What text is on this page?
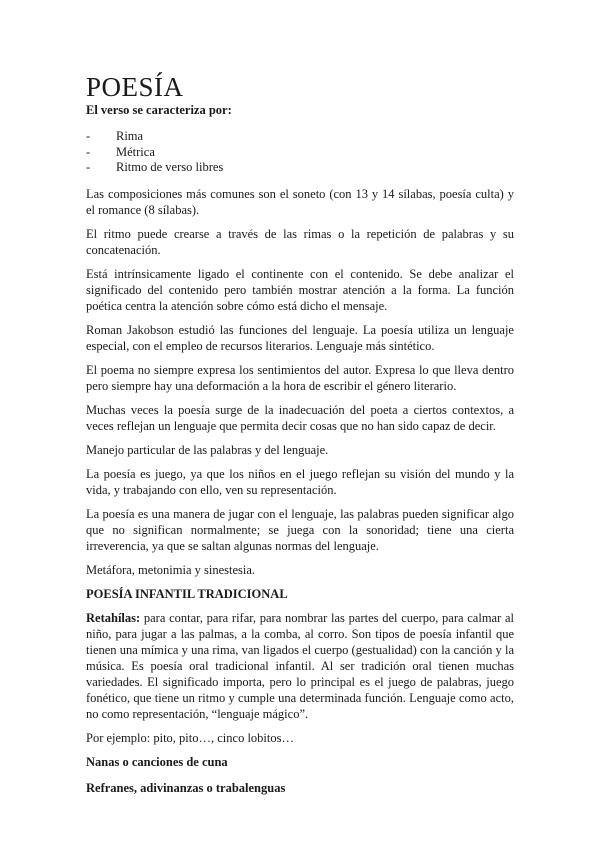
POESÍA
El verso se caracteriza por:
- Rima
- Métrica
- Ritmo de verso libres

Las composiciones más comunes son el soneto (con 13 y 14 sílabas, poesía culta) y el romance (8 sílabas).

El ritmo puede crearse a través de las rimas o la repetición de palabras y su concatenación.

Está intrínsicamente ligado el continente con el contenido. Se debe analizar el significado del contenido pero también mostrar atención a la forma. La función poética centra la atención sobre cómo está dicho el mensaje.

Roman Jakobson estudió las funciones del lenguaje. La poesía utiliza un lenguaje especial, con el empleo de recursos literarios. Lenguaje más sintético.

El poema no siempre expresa los sentimientos del autor. Expresa lo que lleva dentro pero siempre hay una deformación a la hora de escribir el género literario.

Muchas veces la poesía surge de la inadecuación del poeta a ciertos contextos, a veces reflejan un lenguaje que permita decir cosas que no han sido capaz de decir.

Manejo particular de las palabras y del lenguaje.

La poesía es juego, ya que los niños en el juego reflejan su visión del mundo y la vida, y trabajando con ello, ven su representación.

La poesía es una manera de jugar con el lenguaje, las palabras pueden significar algo que no significan normalmente; se juega con la sonoridad; tiene una cierta irreverencia, ya que se saltan algunas normas del lenguaje.

Metáfora, metonimia y sinestesia.

POESÍA INFANTIL TRADICIONAL

Retahílas: para contar, para rifar, para nombrar las partes del cuerpo, para calmar al niño, para jugar a las palmas, a la comba, al corro. Son tipos de poesía infantil que tienen una mímica y una rima, van ligados el cuerpo (gestualidad) con la canción y la música. Es poesía oral tradicional infantil. Al ser tradición oral tienen muchas variedades. El significado importa, pero lo principal es el juego de palabras, juego fonético, que tiene un ritmo y cumple una determinada función. Lenguaje como acto, no como representación, “lenguaje mágico”.

Por ejemplo: pito, pito…, cinco lobitos…

Nanas o canciones de cuna
Refranes, adivinanzas o trabalenguas
